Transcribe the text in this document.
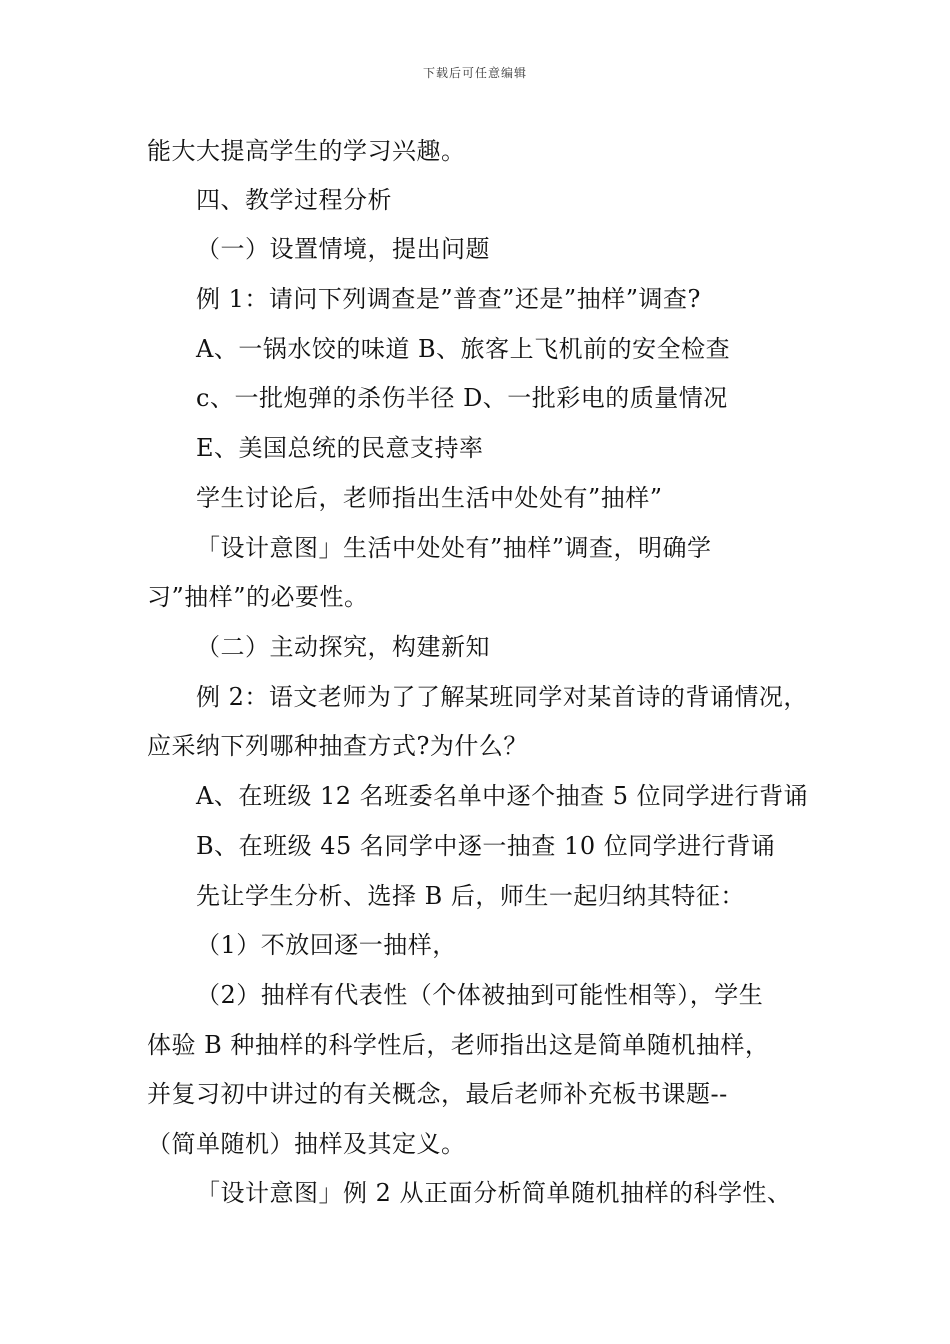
下载后可任意编辑
能大大提高学生的学习兴趣。
四、教学过程分析
（一）设置情境，提出问题
例 1：请问下列调查是”普查”还是”抽样”调查?
A、一锅水饺的味道 B、旅客上飞机前的安全检查
c、一批炮弹的杀伤半径 D、一批彩电的质量情况
E、美国总统的民意支持率
学生讨论后，老师指出生活中处处有”抽样”
「设计意图」生活中处处有”抽样”调查，明确学
习”抽样”的必要性。
（二）主动探究，构建新知
例 2：语文老师为了了解某班同学对某首诗的背诵情况，
应采纳下列哪种抽查方式?为什么？
A、在班级 12 名班委名单中逐个抽查 5 位同学进行背诵
B、在班级 45 名同学中逐一抽查 10 位同学进行背诵
先让学生分析、选择 B 后，师生一起归纳其特征：
（1）不放回逐一抽样，
（2）抽样有代表性（个体被抽到可能性相等），学生
体验 B 种抽样的科学性后，老师指出这是简单随机抽样，
并复习初中讲过的有关概念，最后老师补充板书课题--
（简单随机）抽样及其定义。
「设计意图」例 2 从正面分析简单随机抽样的科学性、
